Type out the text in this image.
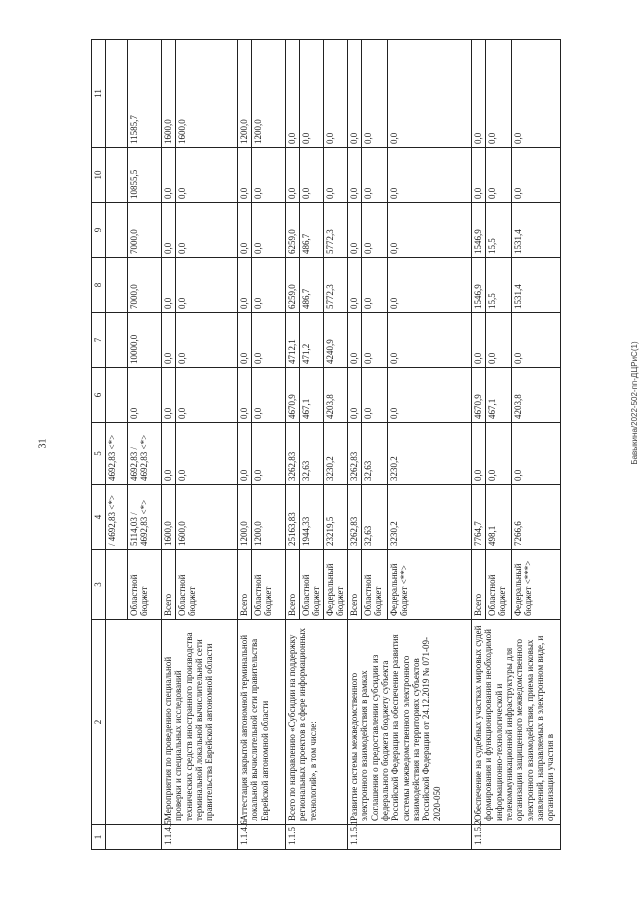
31	Бавыкина/2022-502-пп-ДЦРиС(1)
1	2	3	4	5	6	7	8	9	10	11
			/ 4692,83 <*>	4692,83 <*>						
		Областной бюджет	5114,03 / 4692,83 <*>	4692,83 / 4692,83 <*>	0,0	10000,0	7000,0	7000,0	10855,5	11585,7
1.1.4.5	Мероприятия по проведению специальной проверки и специальных исследований технических средств иностранного производства терминальной локальной вычислительной сети правительства Еврейской автономной области	Всего	1600,0	0,0	0,0	0,0	0,0	0,0	0,0	1600,0
		Областной бюджет	1600,0	0,0	0,0	0,0	0,0	0,0	0,0	1600,0
1.1.4.6	Аттестация закрытой автономной терминальной локальной вычислительной сети правительства Еврейской автономной области	Всего	1200,0	0,0	0,0	0,0	0,0	0,0	0,0	1200,0
		Областной бюджет	1200,0	0,0	0,0	0,0	0,0	0,0	0,0	1200,0
1.1.5	Всего по направлению «Субсидии на поддержку региональных проектов в сфере информационных технологий», в том числе:	Всего	25163,83	3262,83	4670,9	4712,1	6259,0	6259,0	0,0	0,0
		Областной бюджет	1944,33	32,63	467,1	471,2	486,7	486,7	0,0	0,0
		Федеральный бюджет	23219,5	3230,2	4203,8	4240,9	5772,3	5772,3	0,0	0,0
1.1.5.1	Развитие системы межведомственного электронного взаимодействия в рамках Соглашения о предоставлении субсидии из федерального бюджета бюджету субъекта Российской Федерации на обеспечение развития системы межведомственного электронного взаимодействия на территориях субъектов Российской Федерации от 24.12.2019 № 071-09-2020-050	Всего	3262,83	3262,83	0,0	0,0	0,0	0,0	0,0	0,0
		Областной бюджет	32,63	32,63	0,0	0,0	0,0	0,0	0,0	0,0
		Федеральный бюджет <**>	3230,2	3230,2	0,0	0,0	0,0	0,0	0,0	0,0
1.1.5.2	Обеспечение на судебных участках мировых судей формирования и функционирования необходимой информационно-технологической и телекоммуникационной инфраструктуры для организации защищенного межведомственного электронного взаимодействия, приема исковых заявлений, направляемых в электронном виде, и организации участия в	Всего	7764,7	0,0	4670,9	0,0	1546,9	1546,9	0,0	0,0
		Областной бюджет	498,1	0,0	467,1	0,0	15,5	15,5	0,0	0,0
		Федеральный бюджет <***>	7266,6	0,0	4203,8	0,0	1531,4	1531,4	0,0	0,0
